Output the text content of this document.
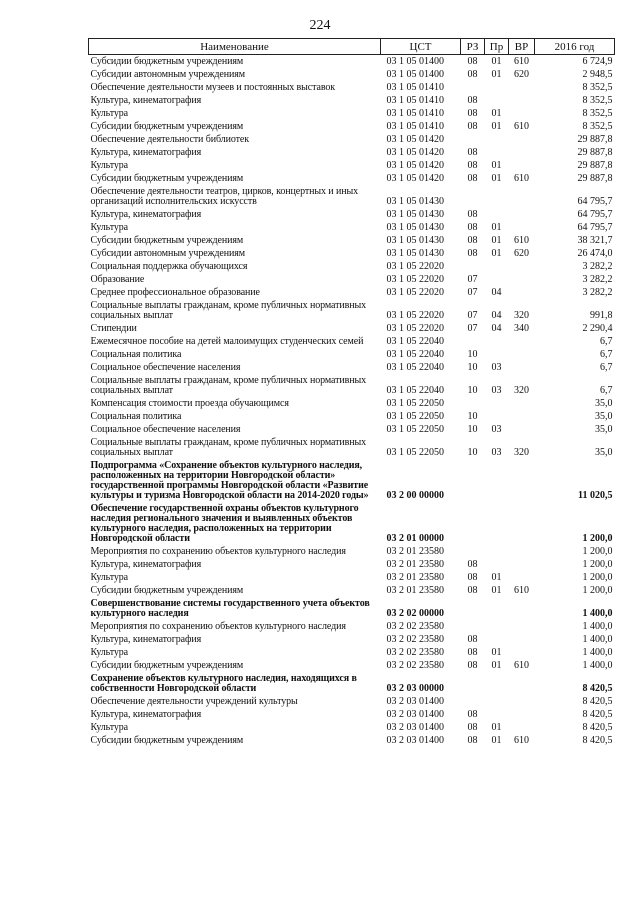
224
Наименование	ЦСТ	РЗ	Пр	ВР	2016 год
Субсидии бюджетным учреждениям	03 1 05 01400	08	01	610	6 724,9
Субсидии автономным учреждениям	03 1 05 01400	08	01	620	2 948,5
Обеспечение деятельности музеев и постоянных выставок	03 1 05 01410				8 352,5
Культура, кинематография	03 1 05 01410	08			8 352,5
Культура	03 1 05 01410	08	01		8 352,5
Субсидии бюджетным учреждениям	03 1 05 01410	08	01	610	8 352,5
Обеспечение деятельности библиотек	03 1 05 01420				29 887,8
Культура, кинематография	03 1 05 01420	08			29 887,8
Культура	03 1 05 01420	08	01		29 887,8
Субсидии бюджетным учреждениям	03 1 05 01420	08	01	610	29 887,8
Обеспечение деятельности театров, цирков, концертных и иных организаций исполнительских искусств	03 1 05 01430				64 795,7
Культура, кинематография	03 1 05 01430	08			64 795,7
Культура	03 1 05 01430	08	01		64 795,7
Субсидии бюджетным учреждениям	03 1 05 01430	08	01	610	38 321,7
Субсидии автономным учреждениям	03 1 05 01430	08	01	620	26 474,0
Социальная поддержка обучающихся	03 1 05 22020				3 282,2
Образование	03 1 05 22020	07			3 282,2
Среднее профессиональное образование	03 1 05 22020	07	04		3 282,2
Социальные выплаты гражданам, кроме публичных нормативных социальных выплат	03 1 05 22020	07	04	320	991,8
Стипендии	03 1 05 22020	07	04	340	2 290,4
Ежемесячное пособие на детей малоимущих студенческих семей	03 1 05 22040				6,7
Социальная политика	03 1 05 22040	10			6,7
Социальное обеспечение населения	03 1 05 22040	10	03		6,7
Социальные выплаты гражданам, кроме публичных нормативных социальных выплат	03 1 05 22040	10	03	320	6,7
Компенсация стоимости проезда обучающимся	03 1 05 22050				35,0
Социальная политика	03 1 05 22050	10			35,0
Социальное обеспечение населения	03 1 05 22050	10	03		35,0
Социальные выплаты гражданам, кроме публичных нормативных социальных выплат	03 1 05 22050	10	03	320	35,0
Подпрограмма «Сохранение объектов культурного наследия, расположенных на территории Новгородской области» государственной программы Новгородской области «Развитие культуры и туризма Новгородской области на 2014-2020 годы»	03 2 00 00000				11 020,5
Обеспечение государственной охраны объектов культурного наследия регионального значения и выявленных объектов культурного наследия, расположенных на территории Новгородской области	03 2 01 00000				1 200,0
Мероприятия по сохранению объектов культурного наследия	03 2 01 23580				1 200,0
Культура, кинематография	03 2 01 23580	08			1 200,0
Культура	03 2 01 23580	08	01		1 200,0
Субсидии бюджетным учреждениям	03 2 01 23580	08	01	610	1 200,0
Совершенствование системы государственного учета объектов культурного наследия	03 2 02 00000				1 400,0
Мероприятия по сохранению объектов культурного наследия	03 2 02 23580				1 400,0
Культура, кинематография	03 2 02 23580	08			1 400,0
Культура	03 2 02 23580	08	01		1 400,0
Субсидии бюджетным учреждениям	03 2 02 23580	08	01	610	1 400,0
Сохранение объектов культурного наследия, находящихся в собственности Новгородской области	03 2 03 00000				8 420,5
Обеспечение деятельности учреждений культуры	03 2 03 01400				8 420,5
Культура, кинематография	03 2 03 01400	08			8 420,5
Культура	03 2 03 01400	08	01		8 420,5
Субсидии бюджетным учреждениям	03 2 03 01400	08	01	610	8 420,5
